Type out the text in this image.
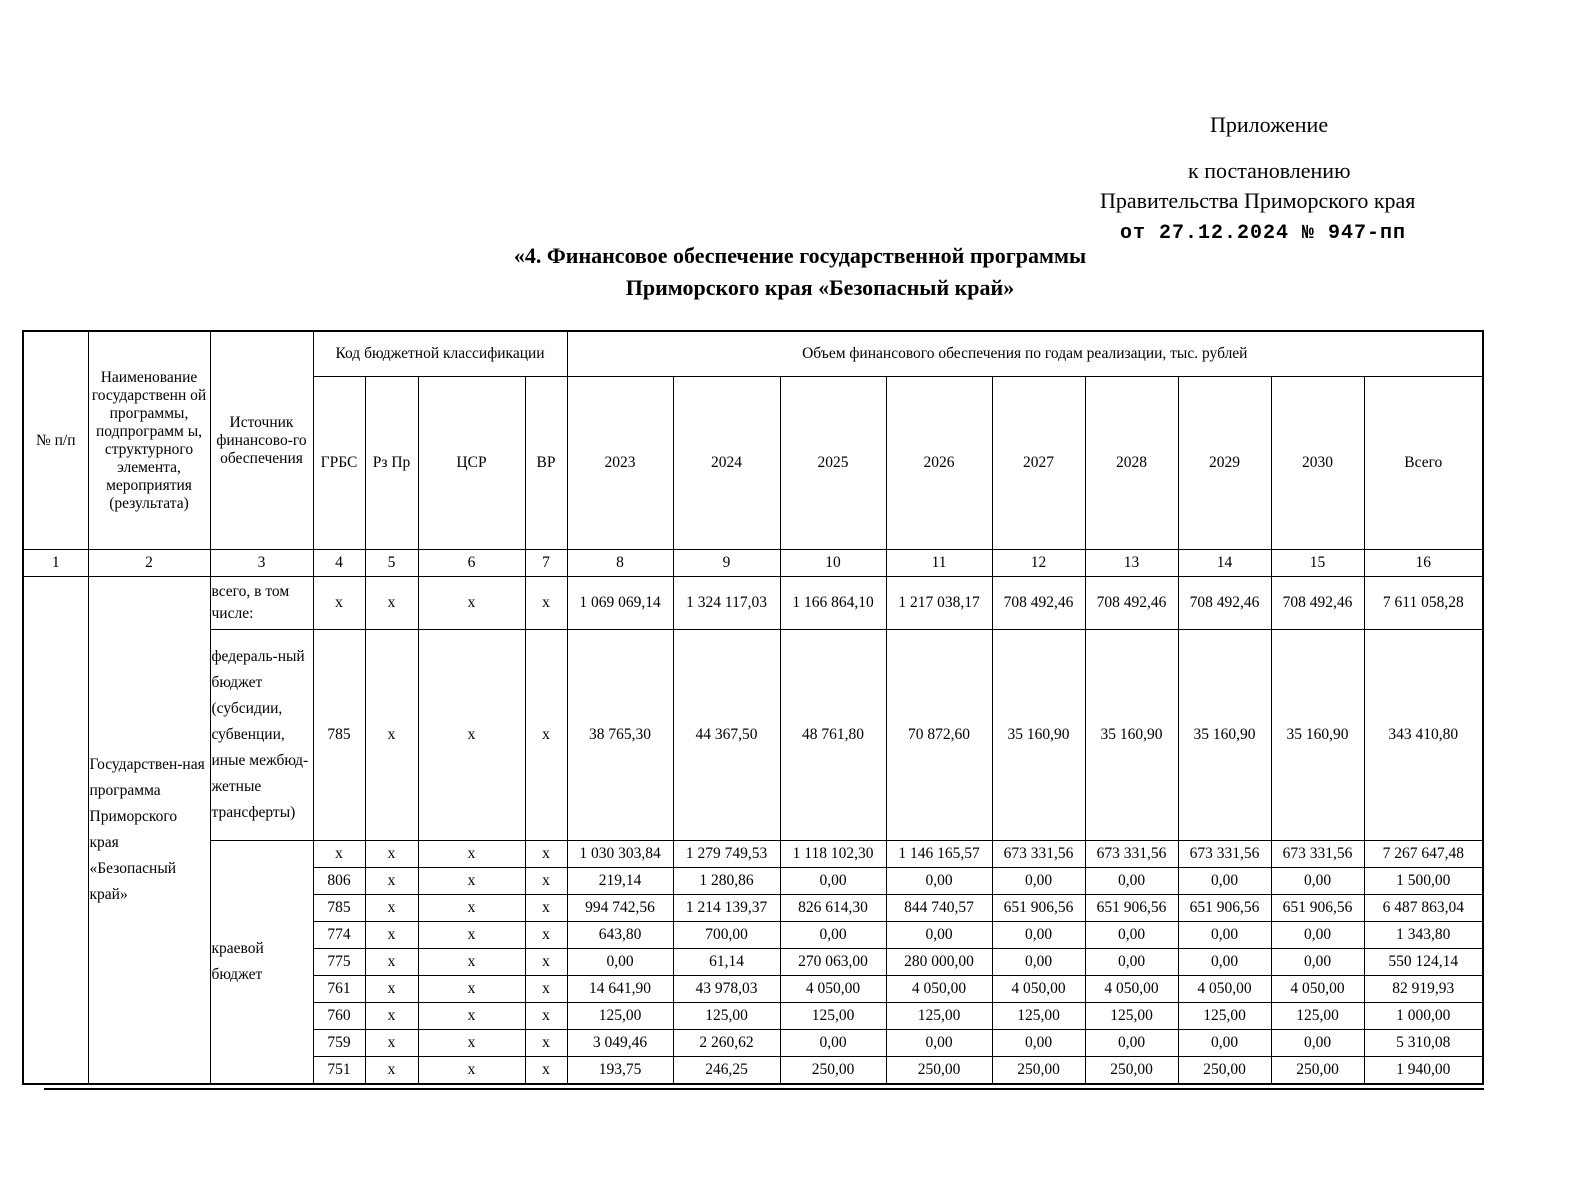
Приложение
к постановлению
Правительства Приморского края
от 27.12.2024 № 947-пп
«4. Финансовое обеспечение государственной программы
Приморского края «Безопасный край»
№ п/п	Наименование государственн ой программы, подпрограмм ы, структурного элемента, мероприятия (результата)	Источник финансово-го обеспечения	Код бюджетной классификации				Объем финансового обеспечения по годам реализации, тыс. рублей								
			ГРБС	Рз Пр	ЦСР	ВР	2023	2024	2025	2026	2027	2028	2029	2030	Всего
1	2	3	4	5	6	7	8	9	10	11	12	13	14	15	16
	Государствен-ная программа Приморского края «Безопасный край»	всего, в том числе:	x	x	x	x	1 069 069,14	1 324 117,03	1 166 864,10	1 217 038,17	708 492,46	708 492,46	708 492,46	708 492,46	7 611 058,28
		федераль-ный бюджет (субсидии, субвенции, иные межбюд-жетные трансферты)	785	x	x	x	38 765,30	44 367,50	48 761,80	70 872,60	35 160,90	35 160,90	35 160,90	35 160,90	343 410,80
		краевой бюджет	x	x	x	x	1 030 303,84	1 279 749,53	1 118 102,30	1 146 165,57	673 331,56	673 331,56	673 331,56	673 331,56	7 267 647,48
			806	x	x	x	219,14	1 280,86	0,00	0,00	0,00	0,00	0,00	0,00	1 500,00
			785	x	x	x	994 742,56	1 214 139,37	826 614,30	844 740,57	651 906,56	651 906,56	651 906,56	651 906,56	6 487 863,04
			774	x	x	x	643,80	700,00	0,00	0,00	0,00	0,00	0,00	0,00	1 343,80
			775	x	x	x	0,00	61,14	270 063,00	280 000,00	0,00	0,00	0,00	0,00	550 124,14
			761	x	x	x	14 641,90	43 978,03	4 050,00	4 050,00	4 050,00	4 050,00	4 050,00	4 050,00	82 919,93
			760	x	x	x	125,00	125,00	125,00	125,00	125,00	125,00	125,00	125,00	1 000,00
			759	x	x	x	3 049,46	2 260,62	0,00	0,00	0,00	0,00	0,00	0,00	5 310,08
			751	x	x	x	193,75	246,25	250,00	250,00	250,00	250,00	250,00	250,00	1 940,00
